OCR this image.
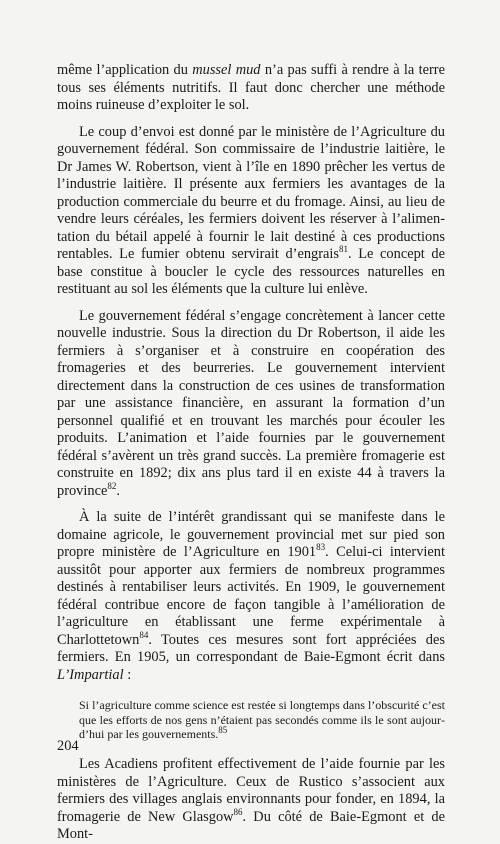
même l’application du mussel mud n’a pas suffi à rendre à la terre tous ses éléments nutritifs. Il faut donc chercher une méthode moins ruineuse d’exploiter le sol.

Le coup d’envoi est donné par le ministère de l’Agriculture du gouvernement fédéral. Son commissaire de l’industrie laitière, le Dr James W. Robertson, vient à l’île en 1890 prêcher les vertus de l’industrie laitière. Il présente aux fermiers les avantages de la production commerciale du beurre et du fromage. Ainsi, au lieu de vendre leurs céréales, les fermiers doivent les réserver à l’alimentation du bétail appelé à fournir le lait destiné à ces productions rentables. Le fumier obtenu servirait d’engrais$^{81}$. Le concept de base constitue à boucler le cycle des ressources naturelles en restituant au sol les éléments que la culture lui enlève.

Le gouvernement fédéral s’engage concrètement à lancer cette nouvelle industrie. Sous la direction du Dr Robertson, il aide les fermiers à s’organiser et à construire en coopération des fromageries et des beurreries. Le gouvernement intervient directement dans la construction de ces usines de transformation par une assistance financière, en assurant la formation d’un personnel qualifié et en trouvant les marchés pour écouler les produits. L’animation et l’aide fournies par le gouvernement fédéral s’avèrent un très grand succès. La première fromagerie est construite en 1892; dix ans plus tard il en existe 44 à travers la province$^{82}$.

À la suite de l’intérêt grandissant qui se manifeste dans le domaine agricole, le gouvernement provincial met sur pied son propre ministère de l’Agriculture en 1901$^{83}$. Celui-ci intervient aussitôt pour apporter aux fermiers de nombreux programmes destinés à rentabiliser leurs activités. En 1909, le gouvernement fédéral contribue encore de façon tangible à l’amélioration de l’agriculture en établissant une ferme expérimentale à Charlottetown$^{84}$. Toutes ces mesures sont fort appréciées des fermiers. En 1905, un correspondant de Baie-Egmont écrit dans L’Impartial :

Si l’agriculture comme science est restée si longtemps dans l’obscurité c’est que les efforts de nos gens n’étaient pas secondés comme ils le sont aujourd’hui par les gouvernements.$^{85}$

Les Acadiens profitent effectivement de l’aide fournie par les ministères de l’Agriculture. Ceux de Rustico s’associent aux fermiers des villages anglais environnants pour fonder, en 1894, la fromagerie de New Glasgow$^{86}$. Du côté de Baie-Egmont et de Mont-

204
